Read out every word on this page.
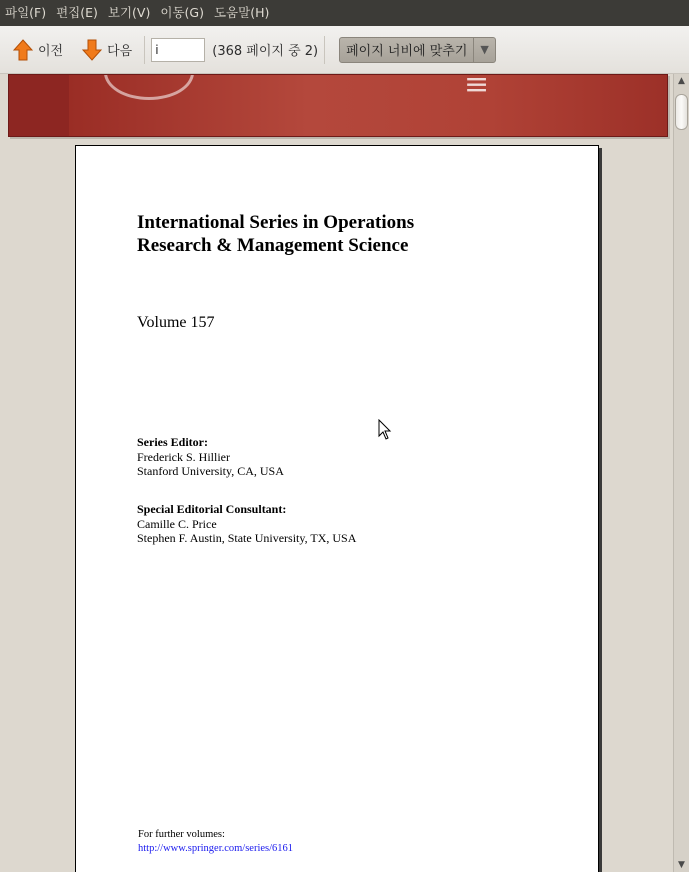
파일(F) 편집(E) 보기(V) 이동(G) 도움말(H)
이전	다음
i	(368 페이지 중 2)	페이지 너비에 맞추기	▼
≡
International Series in Operations
Research & Management Science
Volume 157
Series Editor:
Frederick S. Hillier
Stanford University, CA, USA
Special Editorial Consultant:
Camille C. Price
Stephen F. Austin, State University, TX, USA
For further volumes:
http://www.springer.com/series/6161
▲
▼
